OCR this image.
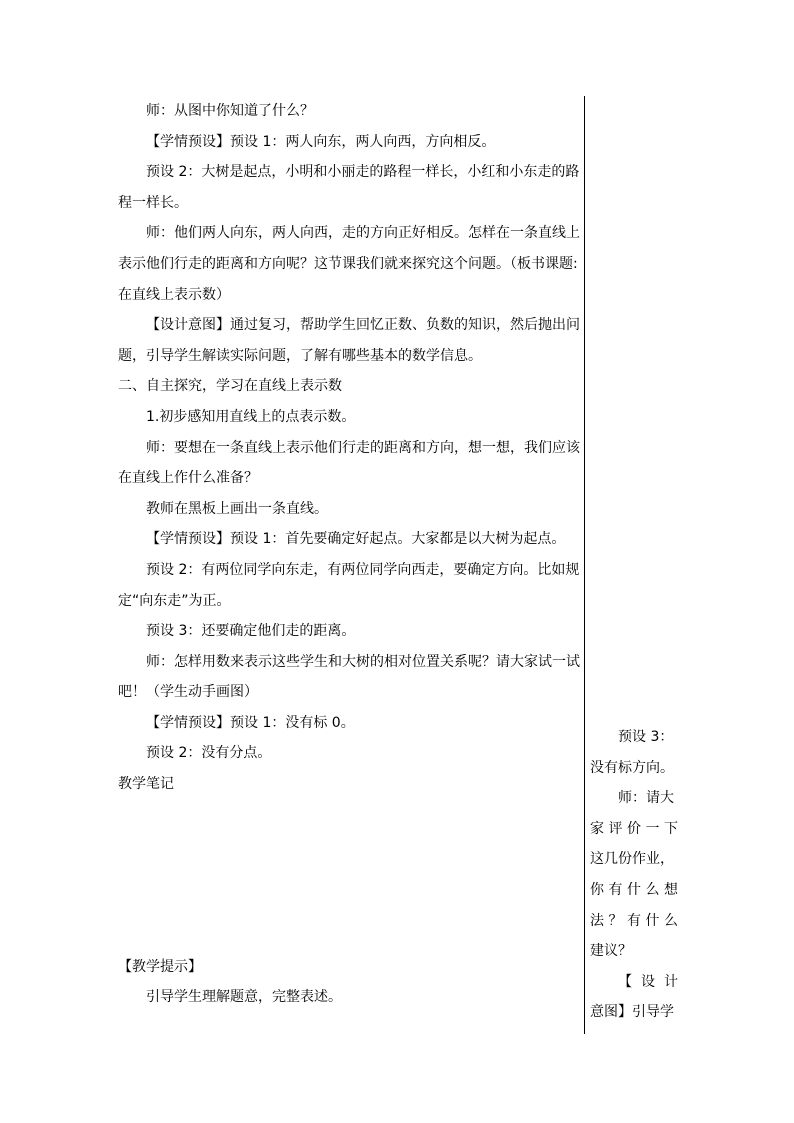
师：从图中你知道了什么？
【学情预设】预设 1：两人向东，两人向西，方向相反。
预设 2：大树是起点，小明和小丽走的路程一样长，小红和小东走的路
程一样长。
师：他们两人向东，两人向西，走的方向正好相反。怎样在一条直线上
表示他们行走的距离和方向呢？这节课我们就来探究这个问题。（板书课题:
在直线上表示数）
【设计意图】通过复习，帮助学生回忆正数、负数的知识，然后抛出问
题，引导学生解读实际问题，了解有哪些基本的数学信息。
二、自主探究，学习在直线上表示数
1.初步感知用直线上的点表示数。
师：要想在一条直线上表示他们行走的距离和方向，想一想，我们应该
在直线上作什么准备？
教师在黑板上画出一条直线。
【学情预设】预设 1：首先要确定好起点。大家都是以大树为起点。
预设 2：有两位同学向东走，有两位同学向西走，要确定方向。比如规
定“向东走”为正。
预设 3：还要确定他们走的距离。
师：怎样用数来表示这些学生和大树的相对位置关系呢？请大家试一试
吧！（学生动手画图）
【学情预设】预设 1：没有标 0。
预设 2：没有分点。
教学笔记
【教学提示】
引导学生理解题意，完整表述。
预设 3：
没有标方向。
师：请大
家评价一下
这几份作业，
你有什么想
法？有什么
建议？
【设计
意图】引导学
